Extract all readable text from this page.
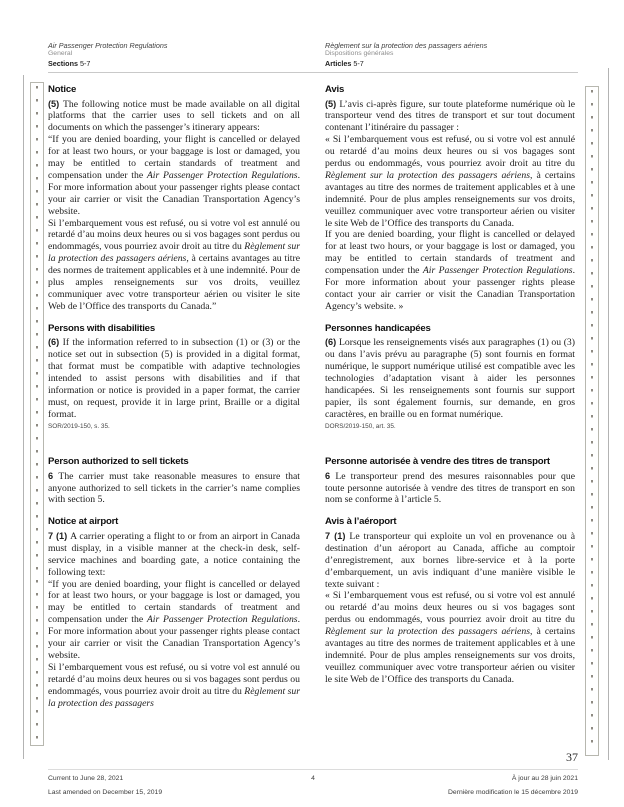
Air Passenger Protection Regulations
General
Sections 5-7
Règlement sur la protection des passagers aériens
Dispositions générales
Articles 5-7
Notice

(5) The following notice must be made available on all digital platforms that the carrier uses to sell tickets and on all documents on which the passenger’s itinerary appears:

“If you are denied boarding, your flight is cancelled or delayed for at least two hours, or your baggage is lost or damaged, you may be entitled to certain standards of treatment and compensation under the Air Passenger Protection Regulations. For more information about your passenger rights please contact your air carrier or visit the Canadian Transportation Agency’s website.

Si l’embarquement vous est refusé, ou si votre vol est annulé ou retardé d’au moins deux heures ou si vos bagages sont perdus ou endommagés, vous pourriez avoir droit au titre du Règlement sur la protection des passagers aériens, à certains avantages au titre des normes de traitement applicables et à une indemnité. Pour de plus amples renseignements sur vos droits, veuillez communiquer avec votre transporteur aérien ou visiter le site Web de l’Office des transports du Canada.”

Persons with disabilities

(6) If the information referred to in subsection (1) or (3) or the notice set out in subsection (5) is provided in a digital format, that format must be compatible with adaptive technologies intended to assist persons with disabilities and if that information or notice is provided in a paper format, the carrier must, on request, provide it in large print, Braille or a digital format.

SOR/2019-150, s. 35.
Person authorized to sell tickets

6 The carrier must take reasonable measures to ensure that anyone authorized to sell tickets in the carrier’s name complies with section 5.

Notice at airport

7 (1) A carrier operating a flight to or from an airport in Canada must display, in a visible manner at the check-in desk, self-service machines and boarding gate, a notice containing the following text:

“If you are denied boarding, your flight is cancelled or delayed for at least two hours, or your baggage is lost or damaged, you may be entitled to certain standards of treatment and compensation under the Air Passenger Protection Regulations. For more information about your passenger rights please contact your air carrier or visit the Canadian Transportation Agency’s website.

Si l’embarquement vous est refusé, ou si votre vol est annulé ou retardé d’au moins deux heures ou si vos bagages sont perdus ou endommagés, vous pourriez avoir droit au titre du Règlement sur la protection des passagers

Avis

(5) L’avis ci-après figure, sur toute plateforme numérique où le transporteur vend des titres de transport et sur tout document contenant l’itinéraire du passager :

« Si l’embarquement vous est refusé, ou si votre vol est annulé ou retardé d’au moins deux heures ou si vos bagages sont perdus ou endommagés, vous pourriez avoir droit au titre du Règlement sur la protection des passagers aériens, à certains avantages au titre des normes de traitement applicables et à une indemnité. Pour de plus amples renseignements sur vos droits, veuillez communiquer avec votre transporteur aérien ou visiter le site Web de l’Office des transports du Canada.

If you are denied boarding, your flight is cancelled or delayed for at least two hours, or your baggage is lost or damaged, you may be entitled to certain standards of treatment and compensation under the Air Passenger Protection Regulations. For more information about your passenger rights please contact your air carrier or visit the Canadian Transportation Agency’s website. »

Personnes handicapées

(6) Lorsque les renseignements visés aux paragraphes (1) ou (3) ou dans l’avis prévu au paragraphe (5) sont fournis en format numérique, le support numérique utilisé est compatible avec les technologies d’adaptation visant à aider les personnes handicapées. Si les renseignements sont fournis sur support papier, ils sont également fournis, sur demande, en gros caractères, en braille ou en format numérique.

DORS/2019-150, art. 35.
Personne autorisée à vendre des titres de transport

6 Le transporteur prend des mesures raisonnables pour que toute personne autorisée à vendre des titres de transport en son nom se conforme à l’article 5.

Avis à l’aéroport

7 (1) Le transporteur qui exploite un vol en provenance ou à destination d’un aéroport au Canada, affiche au comptoir d’enregistrement, aux bornes libre-service et à la porte d’embarquement, un avis indiquant d’une manière visible le texte suivant :

« Si l’embarquement vous est refusé, ou si votre vol est annulé ou retardé d’au moins deux heures ou si vos bagages sont perdus ou endommagés, vous pourriez avoir droit au titre du Règlement sur la protection des passagers aériens, à certains avantages au titre des normes de traitement applicables et à une indemnité. Pour de plus amples renseignements sur vos droits, veuillez communiquer avec votre transporteur aérien ou visiter le site Web de l’Office des transports du Canada.

37
Current to June 28, 2021	4	À jour au 28 juin 2021
Last amended on December 15, 2019	Dernière modification le 15 décembre 2019
